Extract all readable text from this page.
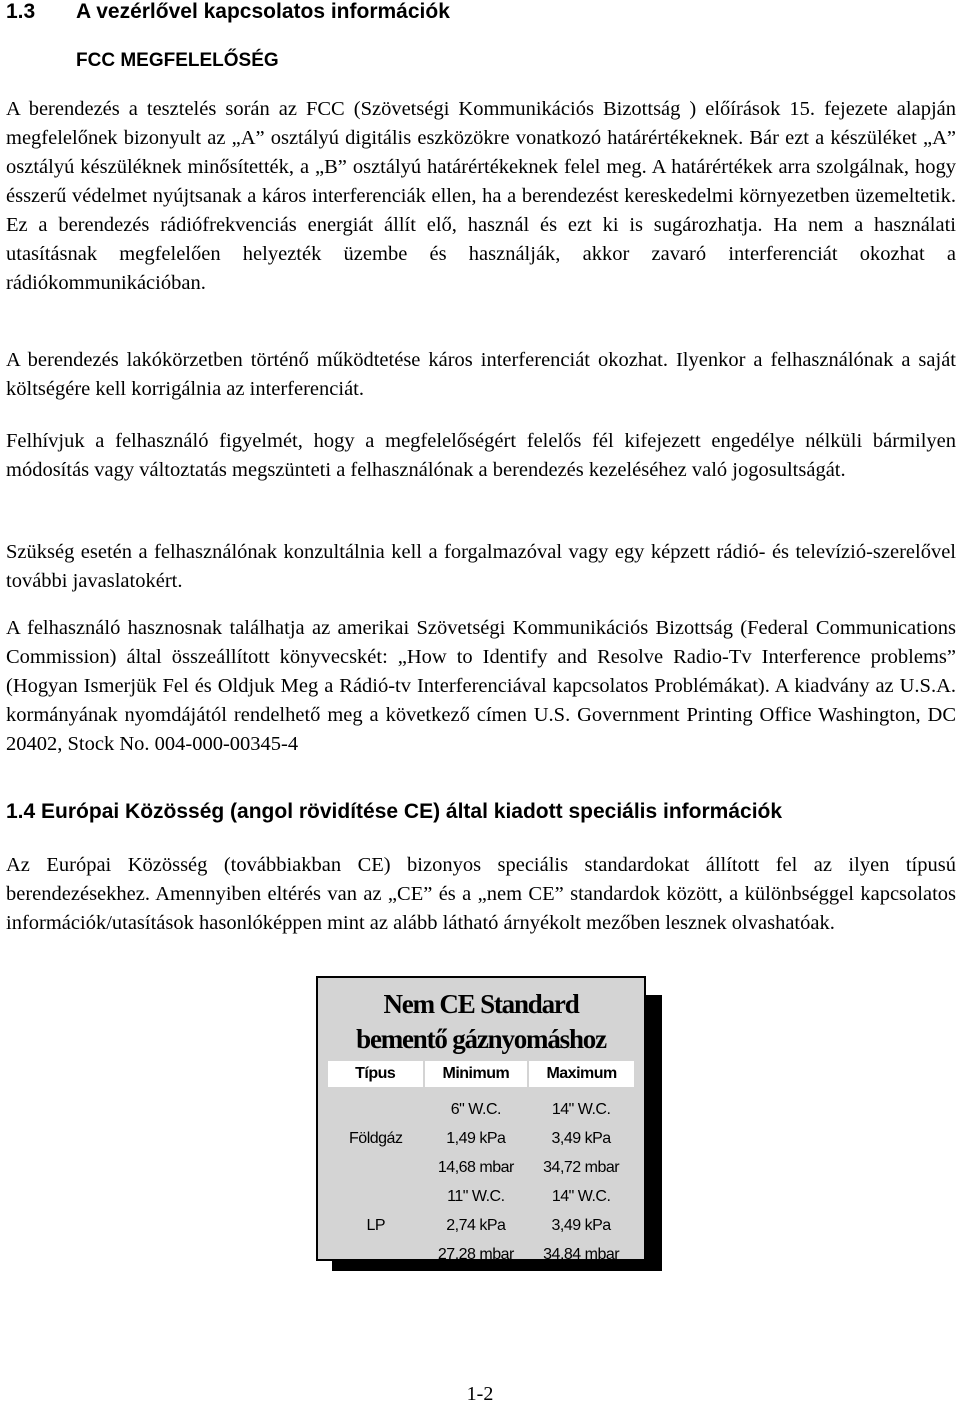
1.3 A vezérlővel kapcsolatos információk
FCC MEGFELELŐSÉG

A berendezés a tesztelés során az FCC (Szövetségi Kommunikációs Bizottság ) előírások 15. fejezete alapján megfelelőnek bizonyult az „A” osztályú digitális eszközökre vonatkozó határértékeknek. Bár ezt a készüléket „A” osztályú készüléknek minősítették, a „B” osztályú határértékeknek felel meg. A határértékek arra szolgálnak, hogy ésszerű védelmet nyújtsanak a káros interferenciák ellen, ha a berendezést kereskedelmi környezetben üzemeltetik. Ez a berendezés rádiófrekvenciás energiát állít elő, használ és ezt ki is sugározhatja. Ha nem a használati utasításnak megfelelően helyezték üzembe és használják, akkor zavaró interferenciát okozhat a rádiókommunikációban.

A berendezés lakókörzetben történő működtetése káros interferenciát okozhat. Ilyenkor a felhasználónak a saját költségére kell korrigálnia az interferenciát.

Felhívjuk a felhasználó figyelmét, hogy a megfelelőségért felelős fél kifejezett engedélye nélküli bármilyen módosítás vagy változtatás megszünteti a felhasználónak a berendezés kezeléséhez való jogosultságát.

Szükség esetén a felhasználónak konzultálnia kell a forgalmazóval vagy egy képzett rádió- és televízió-szerelővel további javaslatokért.

A felhasználó hasznosnak találhatja az amerikai Szövetségi Kommunikációs Bizottság (Federal Communications Commission) által összeállított könyvecskét: „How to Identify and Resolve Radio-Tv Interference problems” (Hogyan Ismerjük Fel és Oldjuk Meg a Rádió-tv Interferenciával kapcsolatos Problémákat). A kiadvány az U.S.A. kormányának nyomdájától rendelhető meg a következő címen U.S. Government Printing Office Washington, DC 20402, Stock No. 004-000-00345-4

1.4 Európai Közösség (angol rövidítése CE) által kiadott speciális információk

Az Európai Közösség (továbbiakban CE) bizonyos speciális standardokat állított fel az ilyen típusú berendezésekhez. Amennyiben eltérés van az „CE” és a „nem CE” standardok között, a különbséggel kapcsolatos információk/utasítások hasonlóképpen mint az alább látható árnyékolt mezőben lesznek olvashatóak.

Nem CE Standard
bementő gáznyomáshoz
Típus	Minimum	Maximum

	6" W.C.	14" W.C.
Földgáz	1,49 kPa	3,49 kPa
	14,68 mbar	34,72 mbar
	11" W.C.	14" W.C.
LP	2,74 kPa	3,49 kPa
	27,28 mbar	34,84 mbar
1-2
